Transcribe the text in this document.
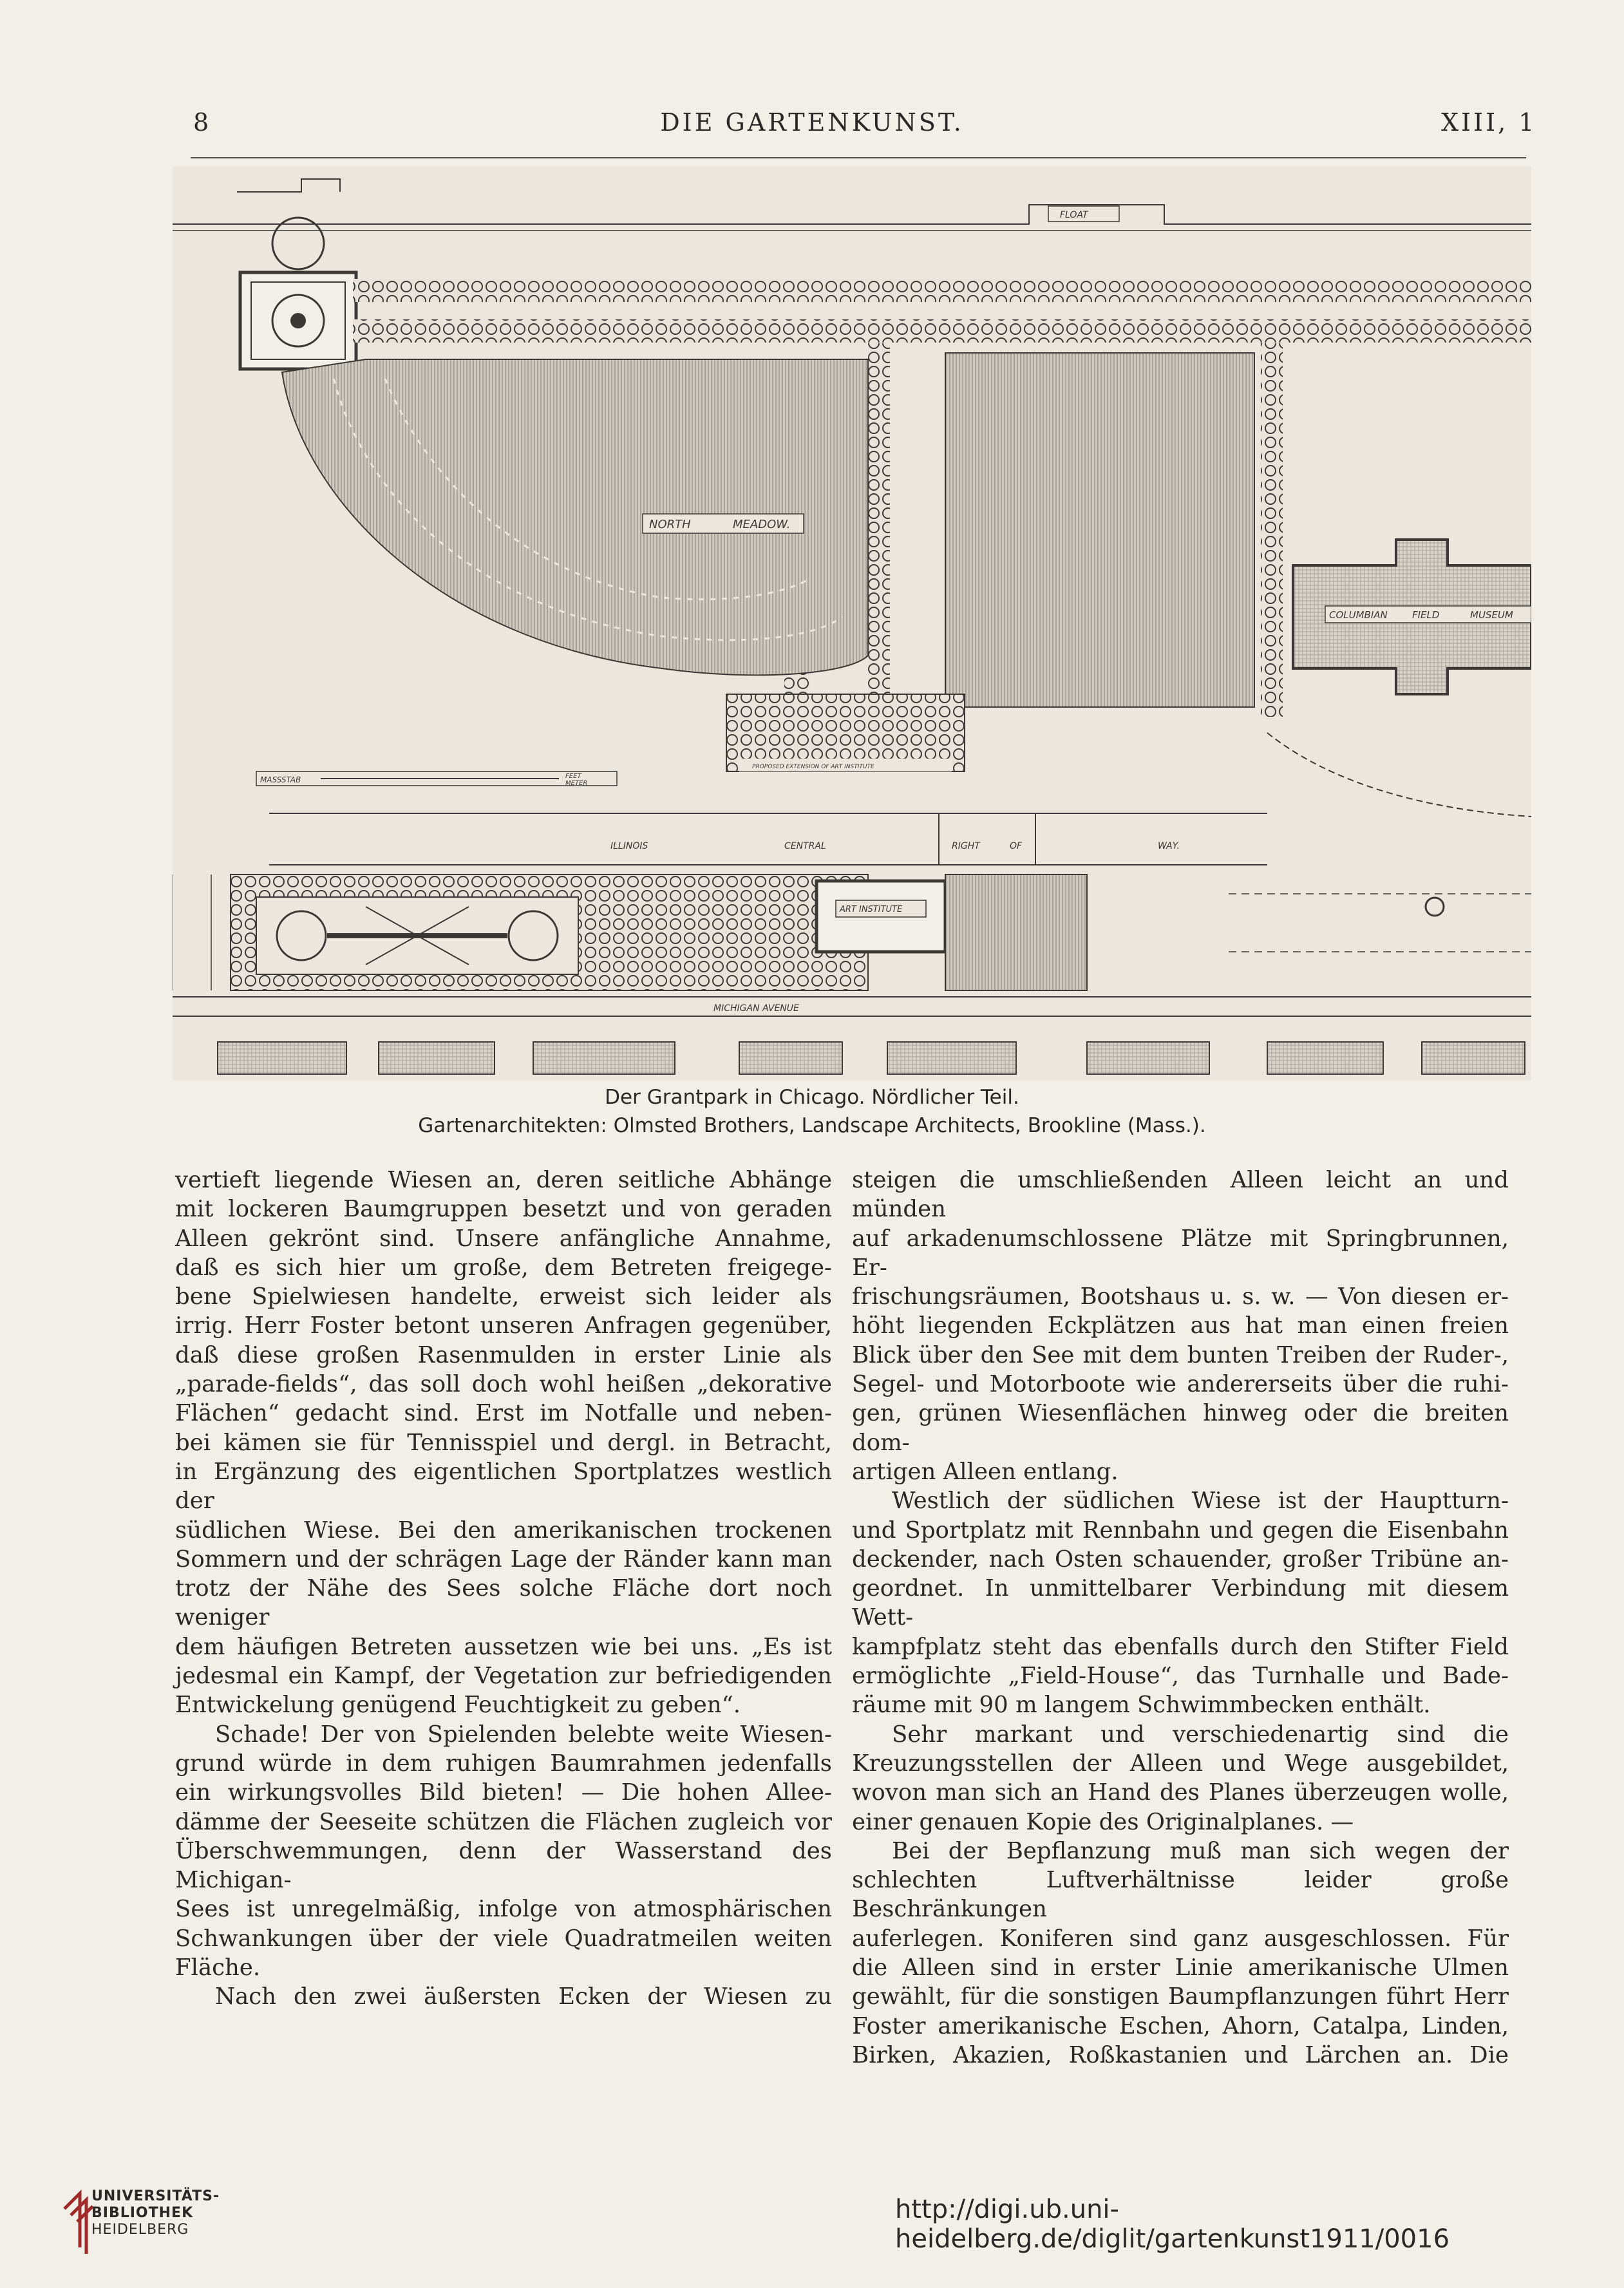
8	DIE GARTENKUNST.	XIII, 1
NORTH	MEADOW.
FLOAT
COLUMBIAN	FIELD	MUSEUM
PROPOSED EXTENSION OF ART INSTITUTE
MASSSTAB	FEET
METER
ILLINOIS	CENTRAL	RIGHT	OF	WAY.
ART INSTITUTE
MICHIGAN AVENUE
Der Grantpark in Chicago. Nördlicher Teil.
Gartenarchitekten: Olmsted Brothers, Landscape Architects, Brookline (Mass.).

vertieft liegende Wiesen an, deren seitliche Abhänge

mit lockeren Baumgruppen besetzt und von geraden

Alleen gekrönt sind. Unsere anfängliche Annahme,

daß es sich hier um große, dem Betreten freigege-

bene Spielwiesen handelte, erweist sich leider als

irrig. Herr Foster betont unseren Anfragen gegenüber,

daß diese großen Rasenmulden in erster Linie als

„parade-fields“, das soll doch wohl heißen „dekorative

Flächen“ gedacht sind. Erst im Notfalle und neben-

bei kämen sie für Tennisspiel und dergl. in Betracht,

in Ergänzung des eigentlichen Sportplatzes westlich der

südlichen Wiese. Bei den amerikanischen trockenen

Sommern und der schrägen Lage der Ränder kann man

trotz der Nähe des Sees solche Fläche dort noch weniger

dem häufigen Betreten aussetzen wie bei uns. „Es ist

jedesmal ein Kampf, der Vegetation zur befriedigenden

Entwickelung genügend Feuchtigkeit zu geben“.

Schade! Der von Spielenden belebte weite Wiesen-

grund würde in dem ruhigen Baumrahmen jedenfalls

ein wirkungsvolles Bild bieten! — Die hohen Allee-

dämme der Seeseite schützen die Flächen zugleich vor

Überschwemmungen, denn der Wasserstand des Michigan-

Sees ist unregelmäßig, infolge von atmosphärischen

Schwankungen über der viele Quadratmeilen weiten

Fläche.

Nach den zwei äußersten Ecken der Wiesen zu

steigen die umschließenden Alleen leicht an und münden

auf arkadenumschlossene Plätze mit Springbrunnen, Er-

frischungsräumen, Bootshaus u. s. w. — Von diesen er-

höht liegenden Eckplätzen aus hat man einen freien

Blick über den See mit dem bunten Treiben der Ruder-,

Segel- und Motorboote wie andererseits über die ruhi-

gen, grünen Wiesenflächen hinweg oder die breiten dom-

artigen Alleen entlang.

Westlich der südlichen Wiese ist der Hauptturn-

und Sportplatz mit Rennbahn und gegen die Eisenbahn

deckender, nach Osten schauender, großer Tribüne an-

geordnet. In unmittelbarer Verbindung mit diesem Wett-

kampfplatz steht das ebenfalls durch den Stifter Field

ermöglichte „Field-House“, das Turnhalle und Bade-

räume mit 90 m langem Schwimmbecken enthält.

Sehr markant und verschiedenartig sind die

Kreuzungsstellen der Alleen und Wege ausgebildet,

wovon man sich an Hand des Planes überzeugen wolle,

einer genauen Kopie des Originalplanes. —

Bei der Bepflanzung muß man sich wegen der

schlechten Luftverhältnisse leider große Beschränkungen

auferlegen. Koniferen sind ganz ausgeschlossen. Für

die Alleen sind in erster Linie amerikanische Ulmen

gewählt, für die sonstigen Baumpflanzungen führt Herr

Foster amerikanische Eschen, Ahorn, Catalpa, Linden,

Birken, Akazien, Roßkastanien und Lärchen an. Die

UNIVERSITÄTS-
BIBLIOTHEK
HEIDELBERG
http://digi.ub.uni-heidelberg.de/diglit/gartenkunst1911/0016
